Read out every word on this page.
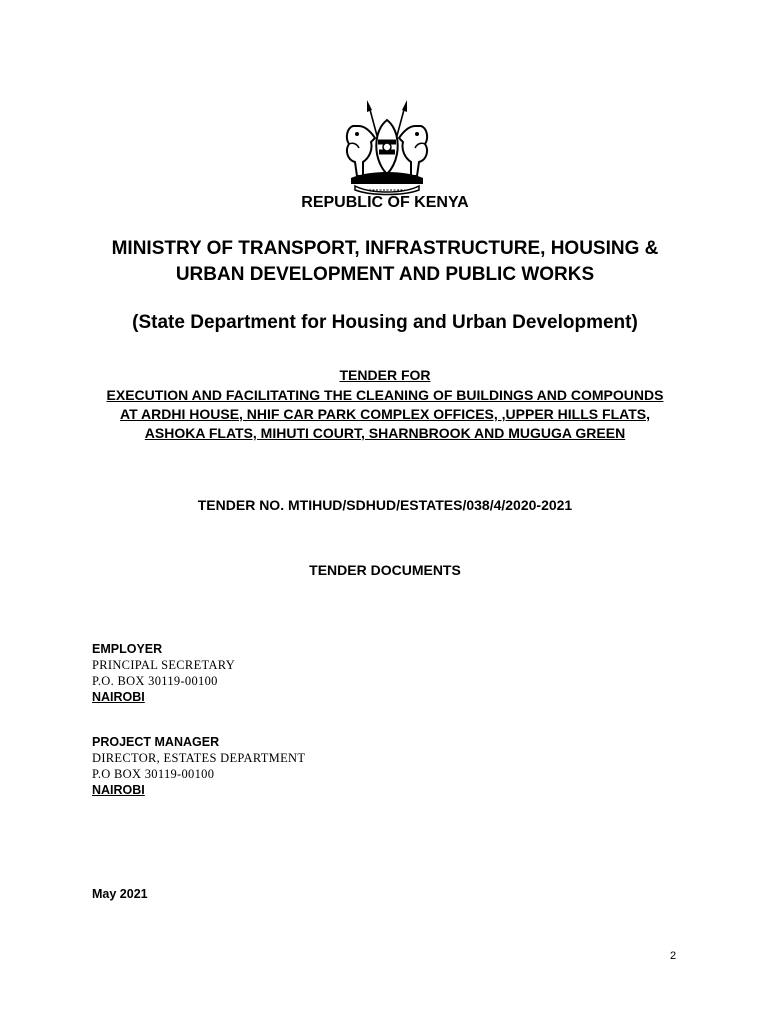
REPUBLIC OF KENYA
MINISTRY OF TRANSPORT, INFRASTRUCTURE, HOUSING &
URBAN DEVELOPMENT AND PUBLIC WORKS
(State Department for Housing and Urban Development)
TENDER FOR
EXECUTION AND FACILITATING THE CLEANING OF BUILDINGS AND COMPOUNDS
AT ARDHI HOUSE, NHIF CAR PARK COMPLEX OFFICES, ,UPPER HILLS FLATS,
ASHOKA FLATS, MIHUTI COURT, SHARNBROOK AND MUGUGA GREEN
TENDER NO. MTIHUD/SDHUD/ESTATES/038/4/2020-2021
TENDER DOCUMENTS
EMPLOYER
PRINCIPAL SECRETARY
P.O. BOX 30119-00100
NAIROBI
PROJECT MANAGER
DIRECTOR, ESTATES DEPARTMENT
P.O BOX 30119-00100
NAIROBI
May 2021
2
